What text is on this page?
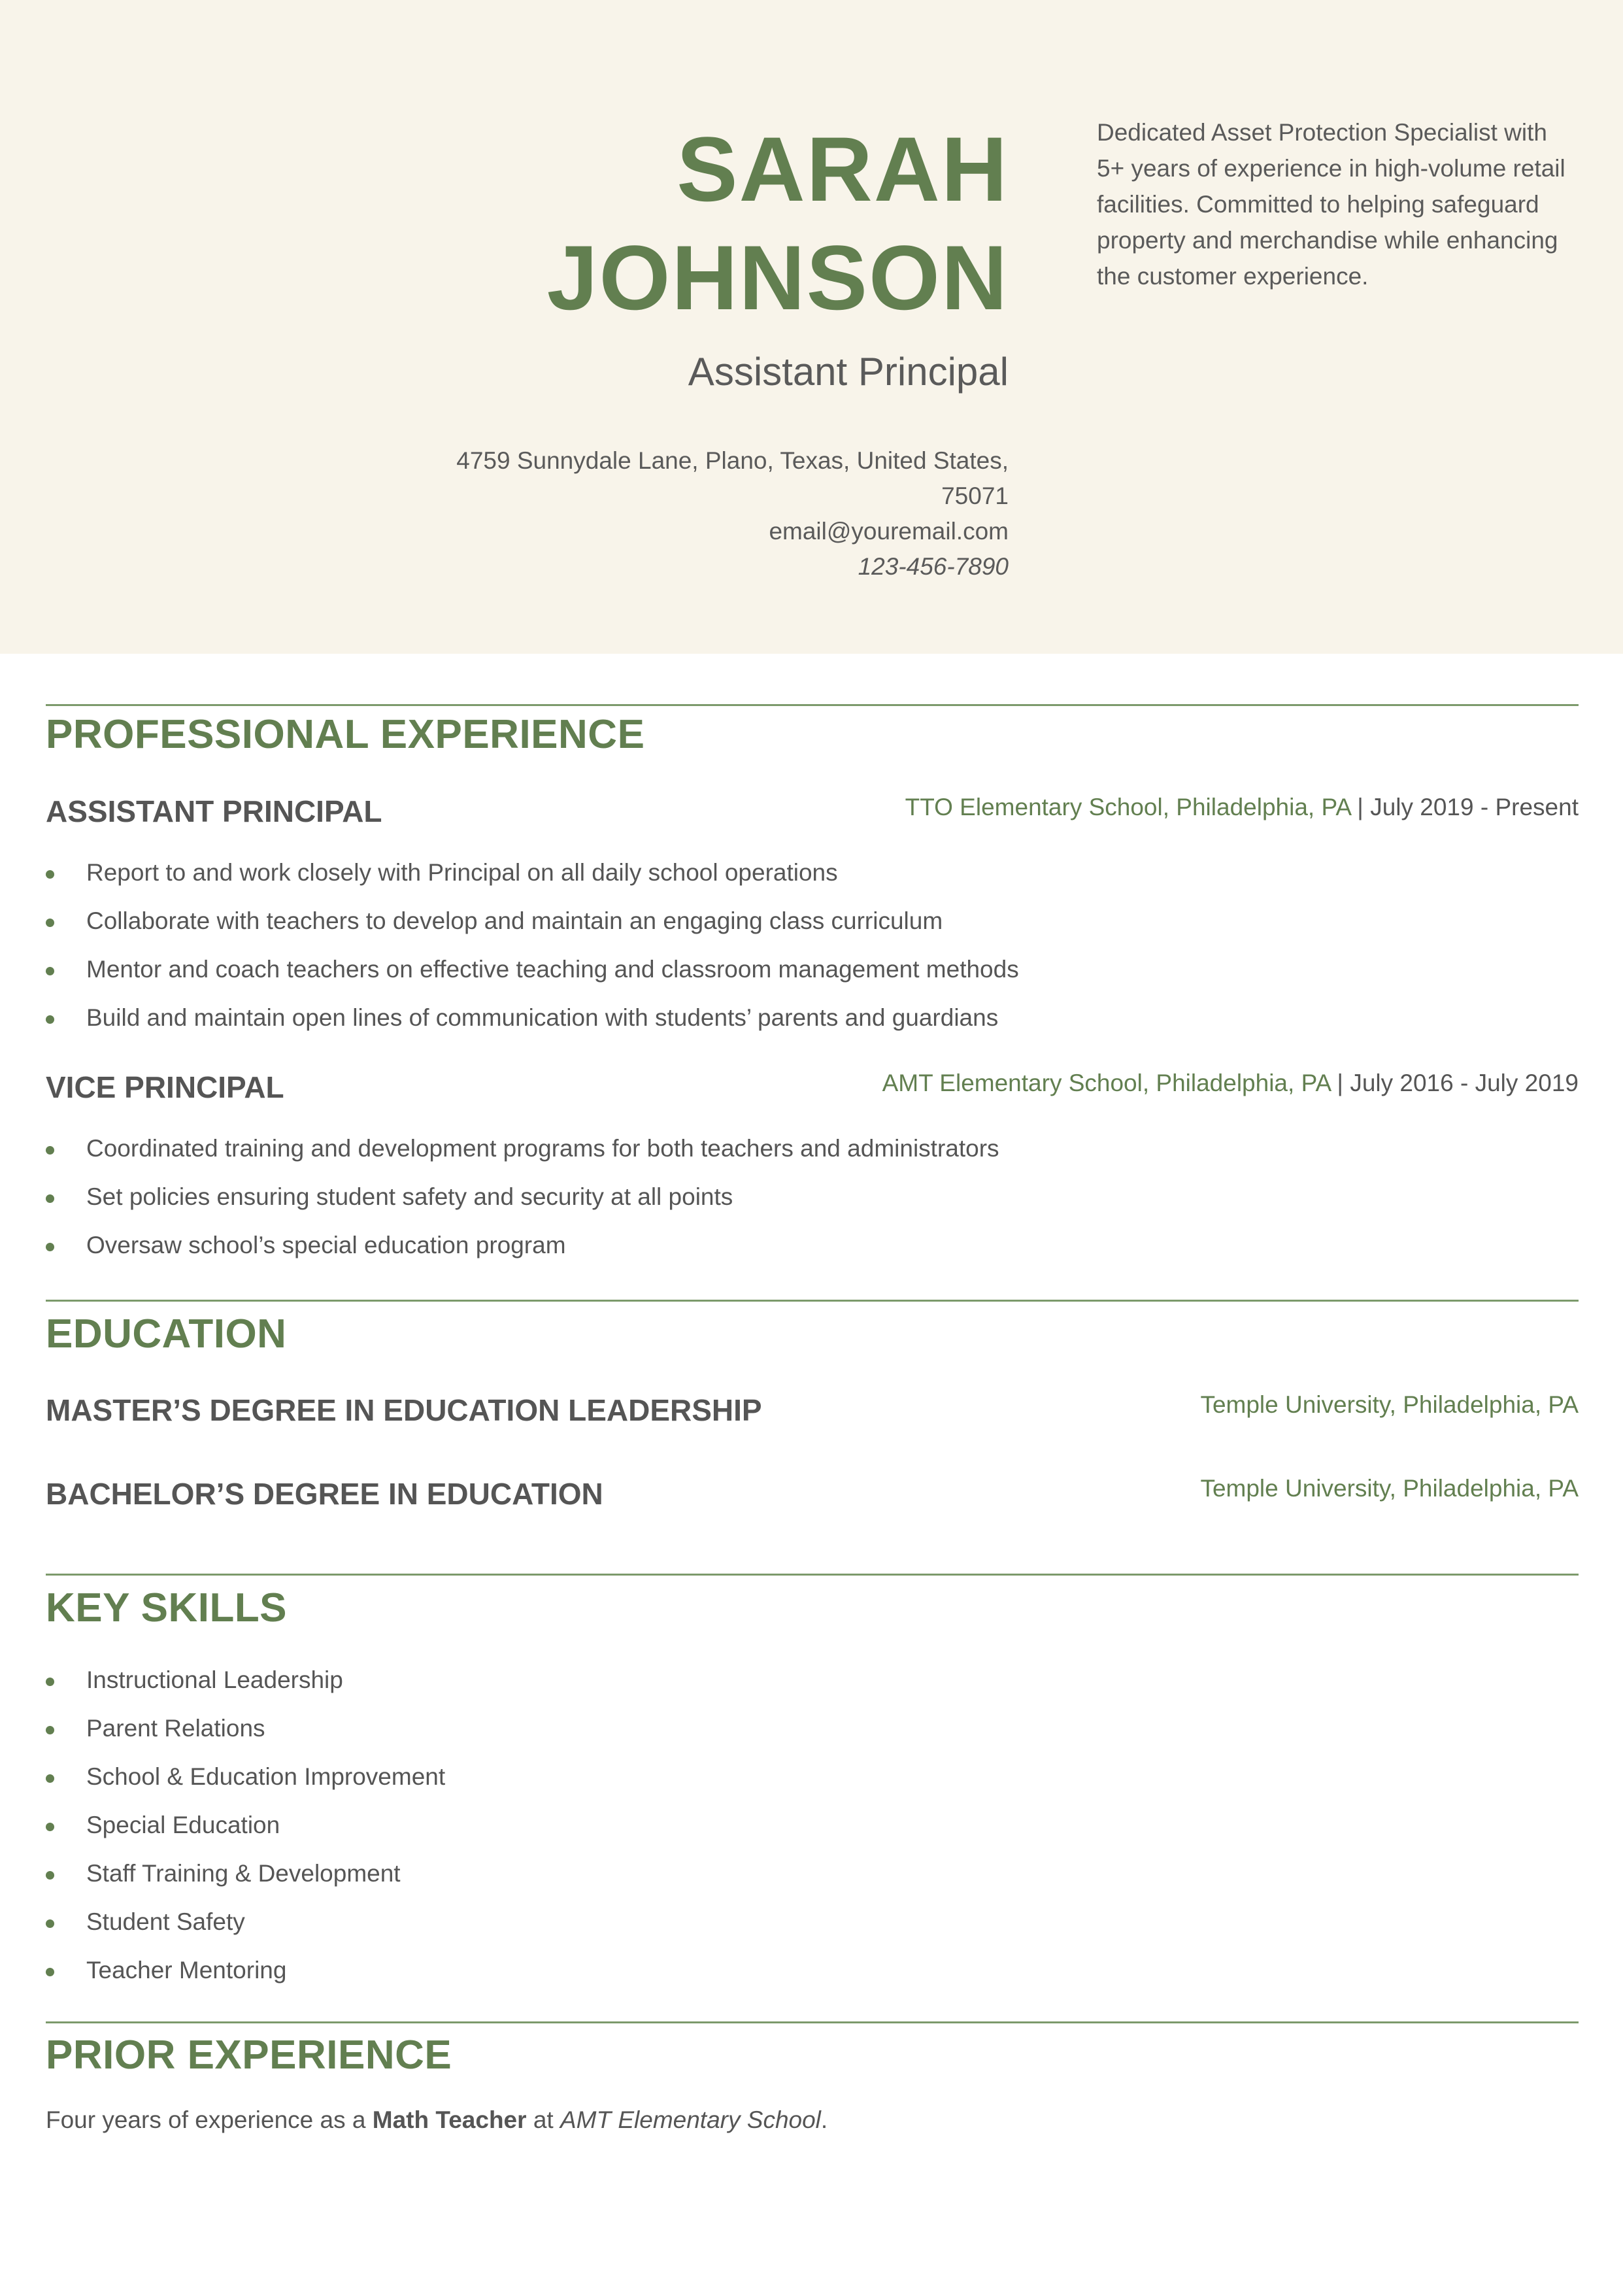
SARAH
JOHNSON
Assistant Principal
4759 Sunnydale Lane, Plano, Texas, United States,
75071
email@youremail.com
123-456-7890
Dedicated Asset Protection Specialist with 5+ years of experience in high-volume retail facilities. Committed to helping safeguard property and merchandise while enhancing the customer experience.
PROFESSIONAL EXPERIENCE
ASSISTANT PRINCIPAL	TTO Elementary School, Philadelphia, PA | July 2019 - Present
Report to and work closely with Principal on all daily school operations
Collaborate with teachers to develop and maintain an engaging class curriculum
Mentor and coach teachers on effective teaching and classroom management methods
Build and maintain open lines of communication with students’ parents and guardians
VICE PRINCIPAL	AMT Elementary School, Philadelphia, PA | July 2016 - July 2019
Coordinated training and development programs for both teachers and administrators
Set policies ensuring student safety and security at all points
Oversaw school’s special education program
EDUCATION
MASTER’S DEGREE IN EDUCATION LEADERSHIP	Temple University, Philadelphia, PA
BACHELOR’S DEGREE IN EDUCATION	Temple University, Philadelphia, PA
KEY SKILLS
Instructional Leadership
Parent Relations
School & Education Improvement
Special Education
Staff Training & Development
Student Safety
Teacher Mentoring
PRIOR EXPERIENCE
Four years of experience as a Math Teacher at AMT Elementary School.
